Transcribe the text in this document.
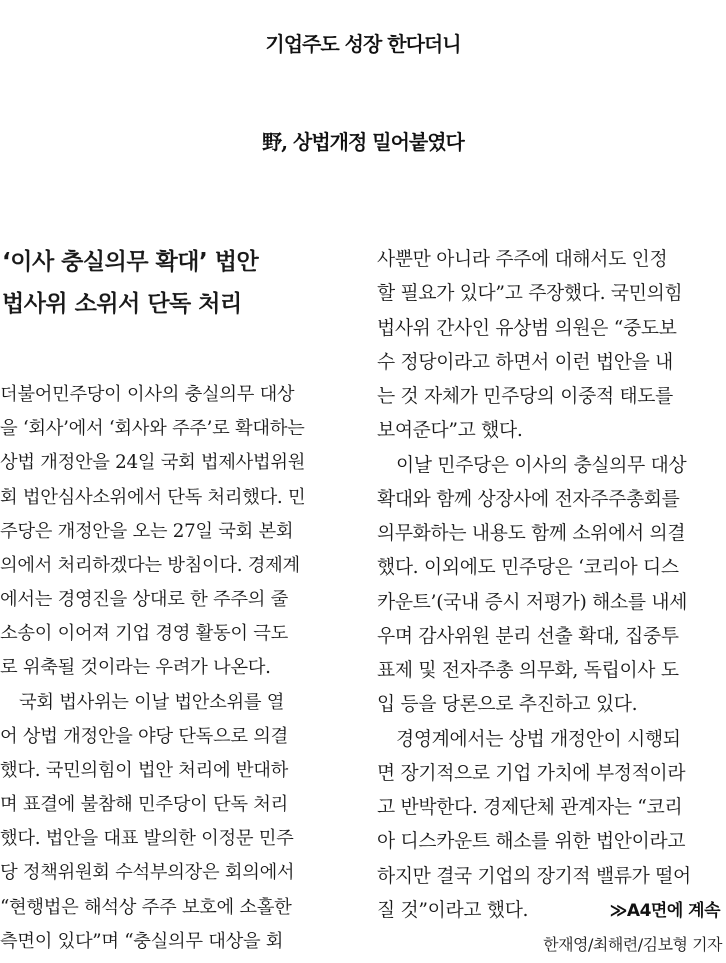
기업주도 성장 한다더니
野, 상법개정 밀어붙였다
‘이사 충실의무 확대’ 법안
법사위 소위서 단독 처리
더불어민주당이 이사의 충실의무 대상
을 ‘회사’에서 ‘회사와 주주’로 확대하는
상법 개정안을 24일 국회 법제사법위원
회 법안심사소위에서 단독 처리했다. 민
주당은 개정안을 오는 27일 국회 본회
의에서 처리하겠다는 방침이다. 경제계
에서는 경영진을 상대로 한 주주의 줄
소송이 이어져 기업 경영 활동이 극도
로 위축될 것이라는 우려가 나온다.
국회 법사위는 이날 법안소위를 열
어 상법 개정안을 야당 단독으로 의결
했다. 국민의힘이 법안 처리에 반대하
며 표결에 불참해 민주당이 단독 처리
했다. 법안을 대표 발의한 이정문 민주
당 정책위원회 수석부의장은 회의에서
“현행법은 해석상 주주 보호에 소홀한
측면이 있다”며 “충실의무 대상을 회
사뿐만 아니라 주주에 대해서도 인정
할 필요가 있다”고 주장했다. 국민의힘
법사위 간사인 유상범 의원은 “중도보
수 정당이라고 하면서 이런 법안을 내
는 것 자체가 민주당의 이중적 태도를
보여준다”고 했다.
이날 민주당은 이사의 충실의무 대상
확대와 함께 상장사에 전자주주총회를
의무화하는 내용도 함께 소위에서 의결
했다. 이외에도 민주당은 ‘코리아 디스
카운트’(국내 증시 저평가) 해소를 내세
우며 감사위원 분리 선출 확대, 집중투
표제 및 전자주총 의무화, 독립이사 도
입 등을 당론으로 추진하고 있다.
경영계에서는 상법 개정안이 시행되
면 장기적으로 기업 가치에 부정적이라
고 반박한다. 경제단체 관계자는 “코리
아 디스카운트 해소를 위한 법안이라고
하지만 결국 기업의 장기적 밸류가 떨어
질 것”이라고 했다.	≫A4면에 계속
한재영/최해련/김보형 기자
